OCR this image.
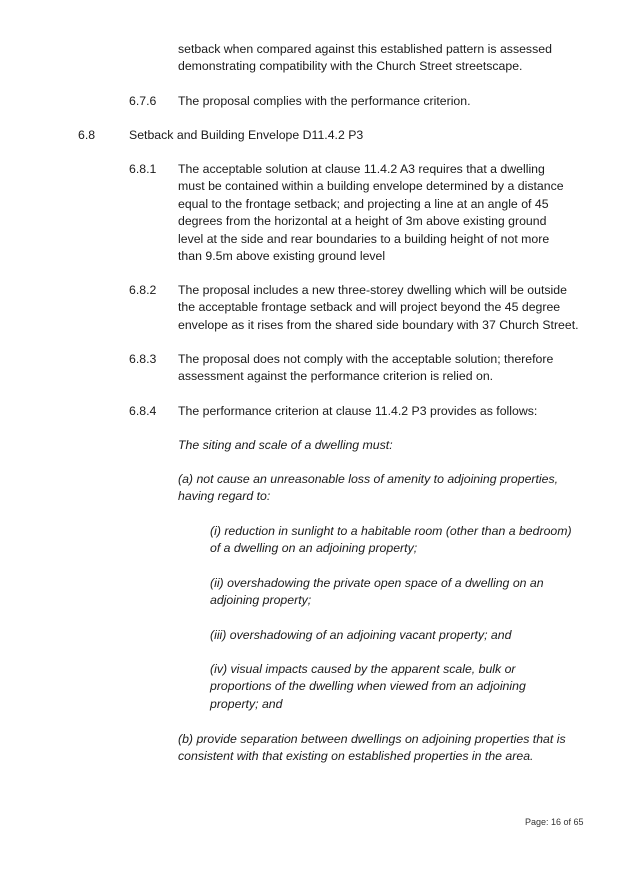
setback when compared against this established pattern is assessed demonstrating compatibility with the Church Street streetscape.
6.7.6 The proposal complies with the performance criterion.
6.8	Setback and Building Envelope D11.4.2 P3
6.8.1 The acceptable solution at clause 11.4.2 A3 requires that a dwelling must be contained within a building envelope determined by a distance equal to the frontage setback; and projecting a line at an angle of 45 degrees from the horizontal at a height of 3m above existing ground level at the side and rear boundaries to a building height of not more than 9.5m above existing ground level
6.8.2 The proposal includes a new three-storey dwelling which will be outside the acceptable frontage setback and will project beyond the 45 degree envelope as it rises from the shared side boundary with 37 Church Street.
6.8.3 The proposal does not comply with the acceptable solution; therefore assessment against the performance criterion is relied on.
6.8.4 The performance criterion at clause 11.4.2 P3 provides as follows:
The siting and scale of a dwelling must:
(a) not cause an unreasonable loss of amenity to adjoining properties, having regard to:
(i) reduction in sunlight to a habitable room (other than a bedroom) of a dwelling on an adjoining property;
(ii) overshadowing the private open space of a dwelling on an adjoining property;
(iii) overshadowing of an adjoining vacant property; and
(iv) visual impacts caused by the apparent scale, bulk or proportions of the dwelling when viewed from an adjoining property; and
(b) provide separation between dwellings on adjoining properties that is consistent with that existing on established properties in the area.
Page: 16 of 65
